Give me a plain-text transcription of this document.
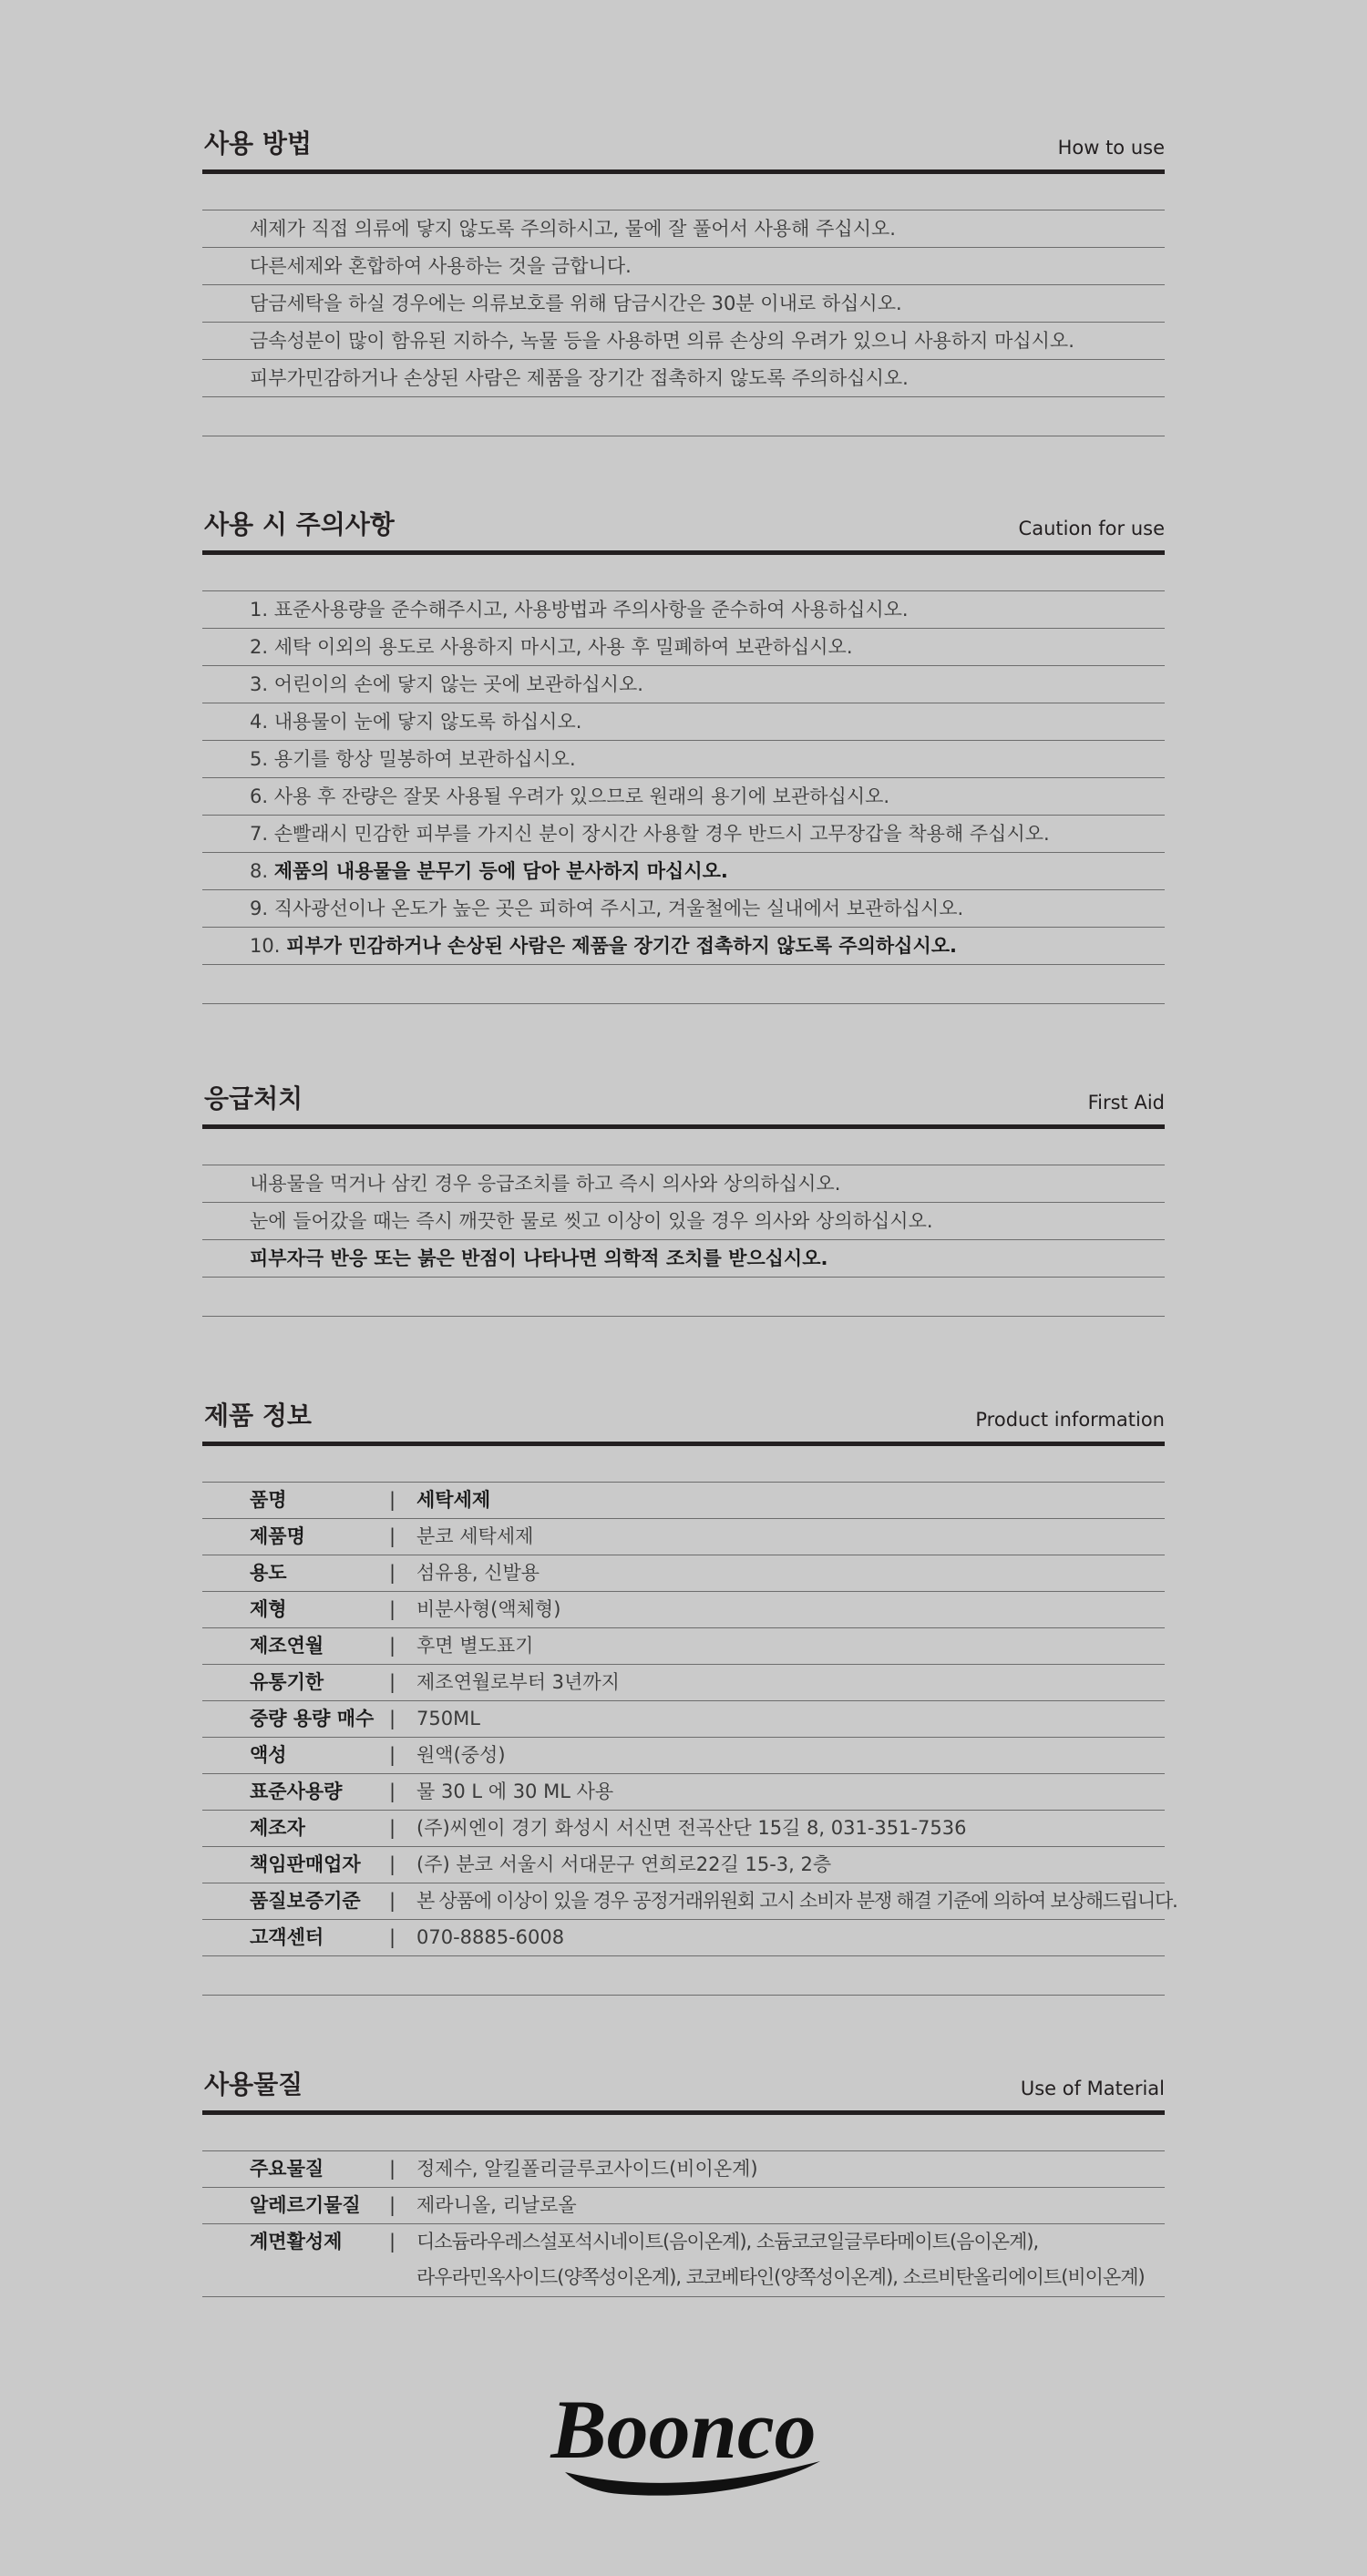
사용 방법	How to use
세제가 직접 의류에 닿지 않도록 주의하시고, 물에 잘 풀어서 사용해 주십시오.
다른세제와 혼합하여 사용하는 것을 금합니다.
담금세탁을 하실 경우에는 의류보호를 위해 담금시간은 30분 이내로 하십시오.
금속성분이 많이 함유된 지하수, 녹물 등을 사용하면 의류 손상의 우려가 있으니 사용하지 마십시오.
피부가민감하거나 손상된 사람은 제품을 장기간 접촉하지 않도록 주의하십시오.
사용 시 주의사항	Caution for use
1. 표준사용량을 준수해주시고, 사용방법과 주의사항을 준수하여 사용하십시오.
2. 세탁 이외의 용도로 사용하지 마시고, 사용 후 밀폐하여 보관하십시오.
3. 어린이의 손에 닿지 않는 곳에 보관하십시오.
4. 내용물이 눈에 닿지 않도록 하십시오.
5. 용기를 항상 밀봉하여 보관하십시오.
6. 사용 후 잔량은 잘못 사용될 우려가 있으므로 원래의 용기에 보관하십시오.
7. 손빨래시 민감한 피부를 가지신 분이 장시간 사용할 경우 반드시 고무장갑을 착용해 주십시오.
8. 제품의 내용물을 분무기 등에 담아 분사하지 마십시오.
9. 직사광선이나 온도가 높은 곳은 피하여 주시고, 겨울철에는 실내에서 보관하십시오.
10. 피부가 민감하거나 손상된 사람은 제품을 장기간 접촉하지 않도록 주의하십시오.
응급처치	First Aid
내용물을 먹거나 삼킨 경우 응급조치를 하고 즉시 의사와 상의하십시오.
눈에 들어갔을 때는 즉시 깨끗한 물로 씻고 이상이 있을 경우 의사와 상의하십시오.
피부자극 반응 또는 붉은 반점이 나타나면 의학적 조치를 받으십시오.
제품 정보	Product information
품명	| 세탁세제
제품명	| 분코 세탁세제
용도	| 섬유용, 신발용
제형	| 비분사형(액체형)
제조연월	| 후면 별도표기
유통기한	| 제조연월로부터 3년까지
중량 용량 매수 | 750ML
액성	| 원액(중성)
표준사용량 | 물 30 L 에 30 ML 사용
제조자	| (주)씨엔이 경기 화성시 서신면 전곡산단 15길 8, 031-351-7536
책임판매업자 | (주) 분코 서울시 서대문구 연희로22길 15-3, 2층
품질보증기준 | 본 상품에 이상이 있을 경우 공정거래위원회 고시 소비자 분쟁 해결 기준에 의하여 보상해드립니다.
고객센터	| 070-8885-6008
사용물질	Use of Material
주요물질	| 정제수, 알킬폴리글루코사이드(비이온계)
알레르기물질 | 제라니올, 리날로올
계면활성제 | 디소듐라우레스설포석시네이트(음이온계), 소듐코코일글루타메이트(음이온계),
라우라민옥사이드(양쪽성이온계), 코코베타인(양쪽성이온계), 소르비탄올리에이트(비이온계)
Boonco
